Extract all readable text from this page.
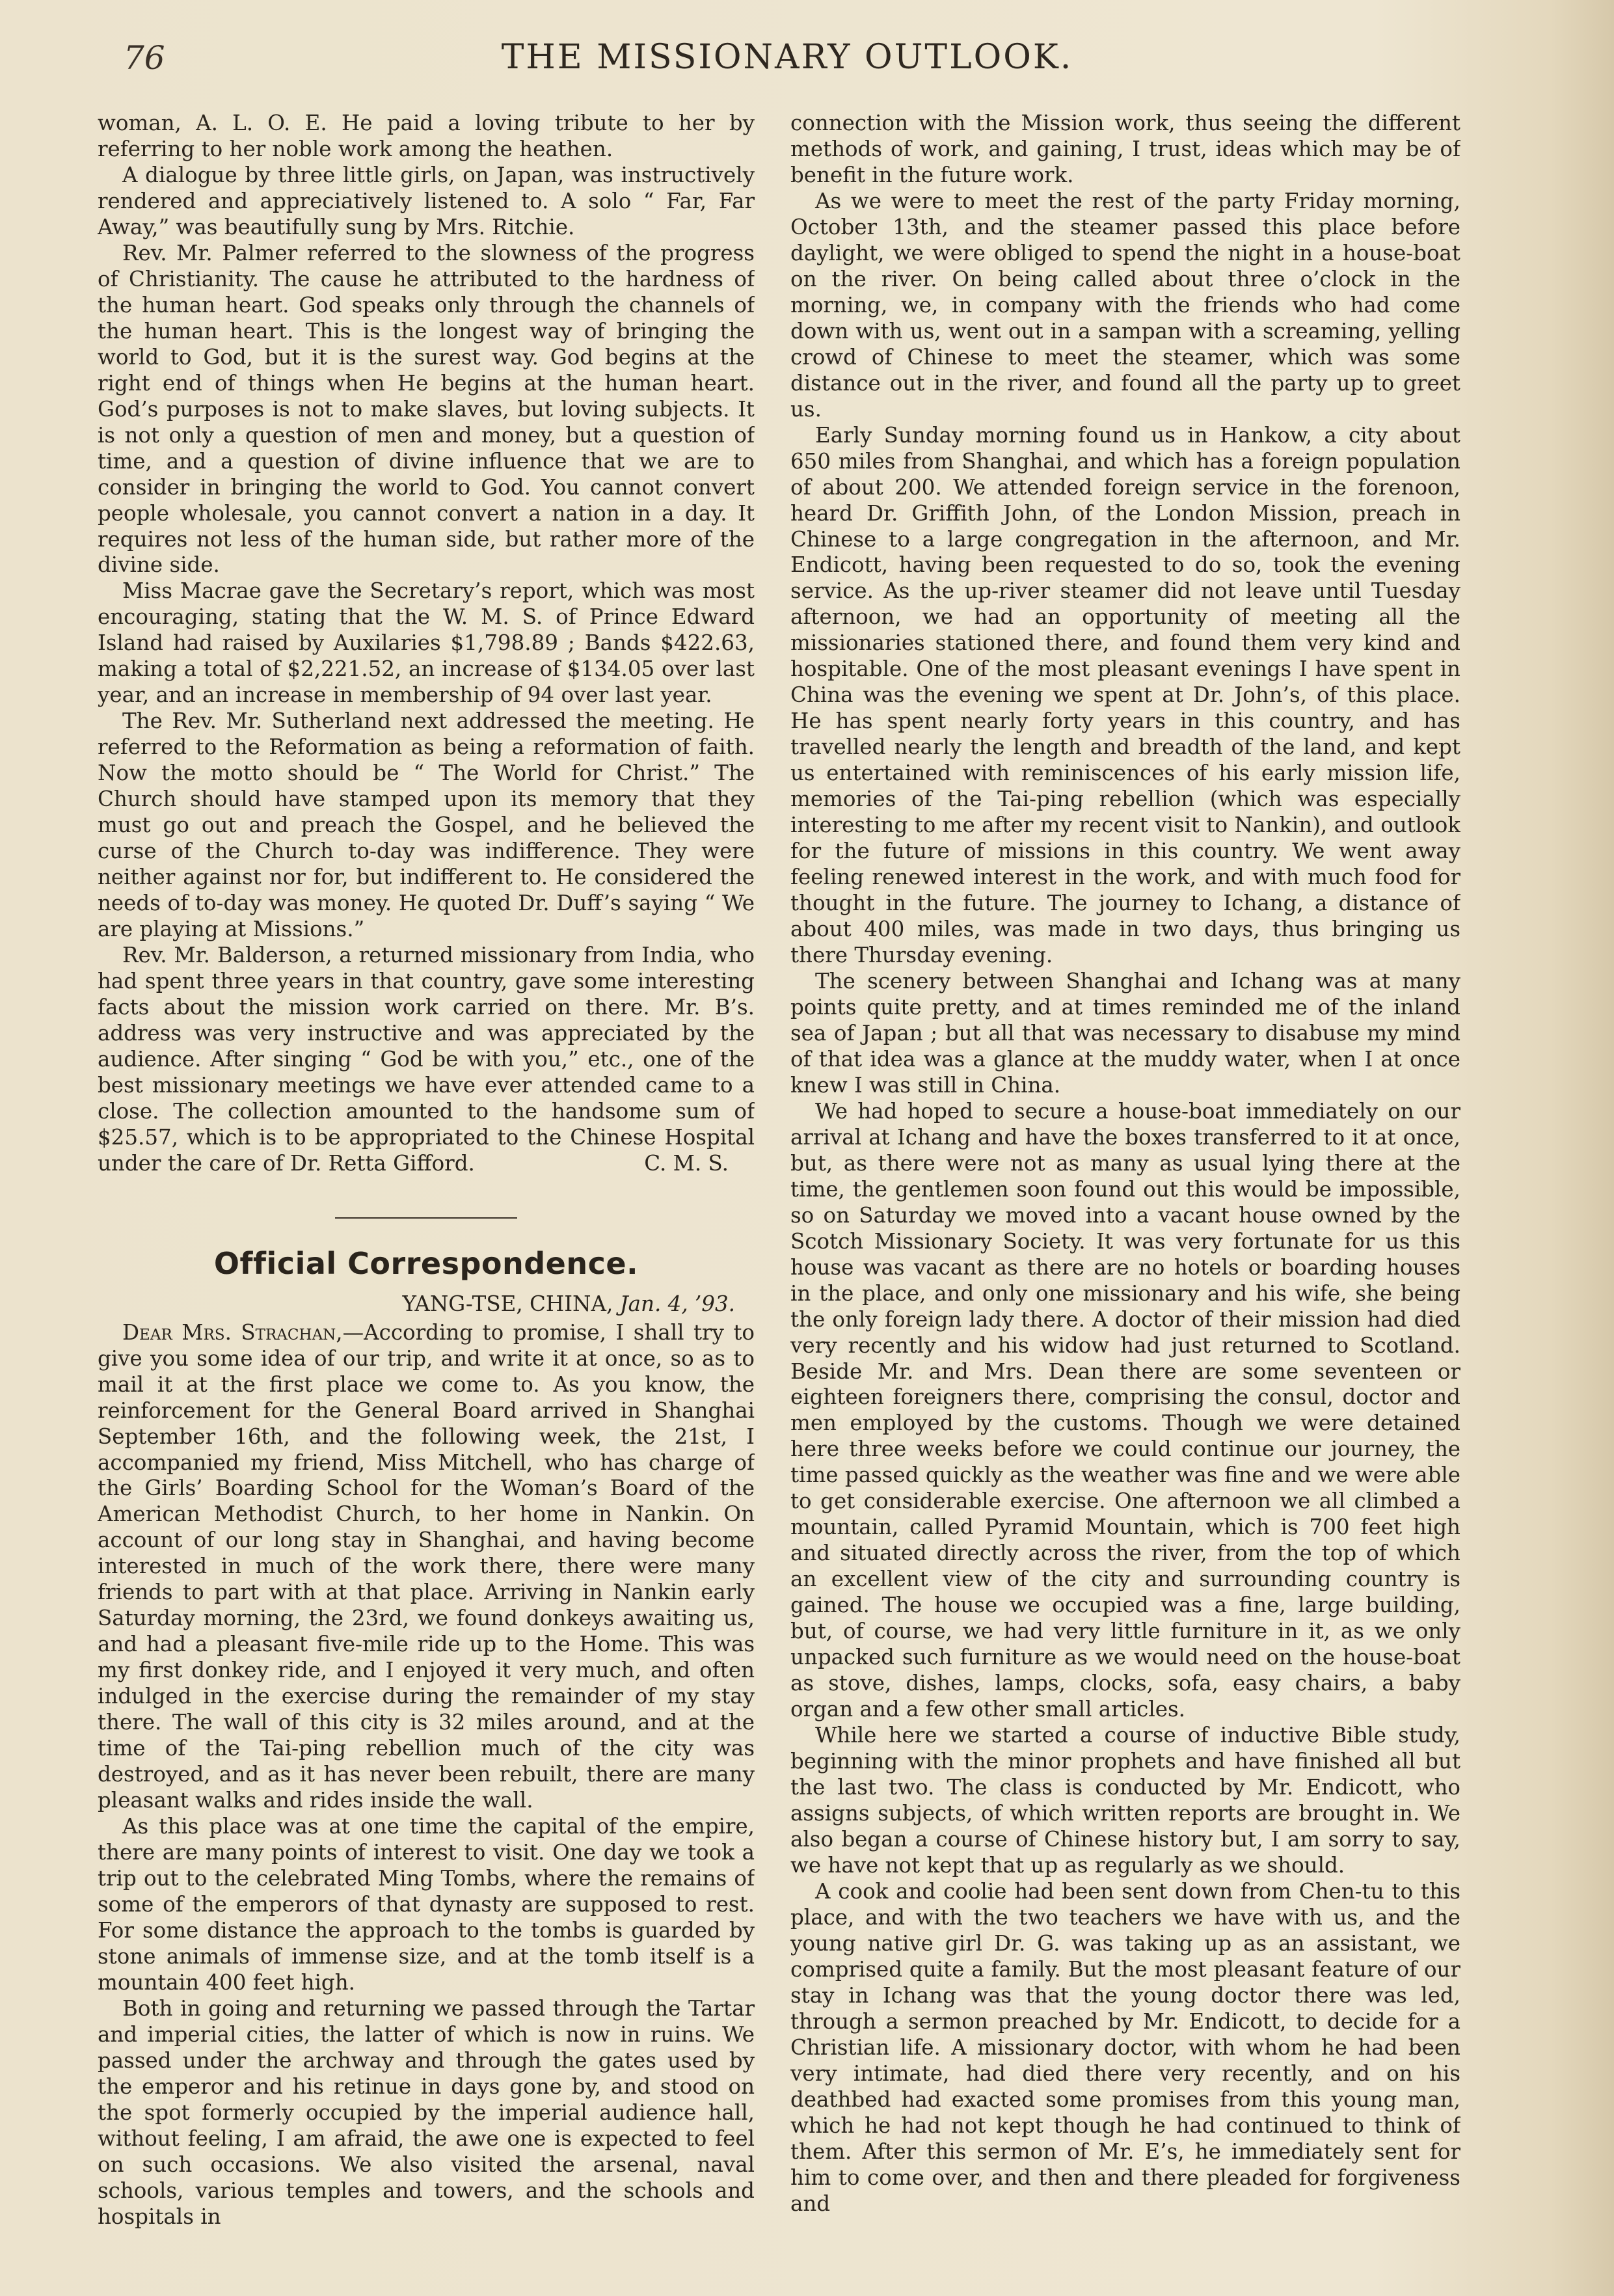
76	THE MISSIONARY OUTLOOK.

woman, A. L. O. E. He paid a loving tribute to her by referring to her noble work among the heathen.

A dialogue by three little girls, on Japan, was instructively rendered and appreciatively listened to. A solo “ Far, Far Away,” was beautifully sung by Mrs. Ritchie.

Rev. Mr. Palmer referred to the slowness of the progress of Christianity. The cause he attributed to the hardness of the human heart. God speaks only through the channels of the human heart. This is the longest way of bringing the world to God, but it is the surest way. God begins at the right end of things when He begins at the human heart. God’s purposes is not to make slaves, but loving subjects. It is not only a question of men and money, but a question of time, and a question of divine influence that we are to consider in bringing the world to God. You cannot convert people wholesale, you cannot convert a nation in a day. It requires not less of the human side, but rather more of the divine side.

Miss Macrae gave the Secretary’s report, which was most encouraging, stating that the W. M. S. of Prince Edward Island had raised by Auxilaries $1,798.89 ; Bands $422.63, making a total of $2,221.52, an increase of $134.05 over last year, and an increase in membership of 94 over last year.

The Rev. Mr. Sutherland next addressed the meeting. He referred to the Reformation as being a reformation of faith. Now the motto should be “ The World for Christ.” The Church should have stamped upon its memory that they must go out and preach the Gospel, and he believed the curse of the Church to-day was indifference. They were neither against nor for, but indifferent to. He considered the needs of to-day was money. He quoted Dr. Duff’s saying “ We are playing at Missions.”

Rev. Mr. Balderson, a returned missionary from India, who had spent three years in that country, gave some interesting facts about the mission work carried on there. Mr. B’s. address was very instructive and was appreciated by the audience. After singing “ God be with you,” etc., one of the best missionary meetings we have ever attended came to a close. The collection amounted to the handsome sum of $25.57, which is to be appropriated to the Chinese Hospital under the care of Dr. Retta Gifford.	C. M. S.

Official Correspondence.
YANG-TSE, CHINA, Jan. 4, ’93.

Dear Mrs. Strachan,—According to promise, I shall try to give you some idea of our trip, and write it at once, so as to mail it at the first place we come to. As you know, the reinforcement for the General Board arrived in Shanghai September 16th, and the following week, the 21st, I accompanied my friend, Miss Mitchell, who has charge of the Girls’ Boarding School for the Woman’s Board of the American Methodist Church, to her home in Nankin. On account of our long stay in Shanghai, and having become interested in much of the work there, there were many friends to part with at that place. Arriving in Nankin early Saturday morning, the 23rd, we found donkeys awaiting us, and had a pleasant five-mile ride up to the Home. This was my first donkey ride, and I enjoyed it very much, and often indulged in the exercise during the remainder of my stay there. The wall of this city is 32 miles around, and at the time of the Tai-ping rebellion much of the city was destroyed, and as it has never been rebuilt, there are many pleasant walks and rides inside the wall.

As this place was at one time the capital of the empire, there are many points of interest to visit. One day we took a trip out to the celebrated Ming Tombs, where the remains of some of the emperors of that dynasty are supposed to rest. For some distance the approach to the tombs is guarded by stone animals of immense size, and at the tomb itself is a mountain 400 feet high.

Both in going and returning we passed through the Tartar and imperial cities, the latter of which is now in ruins. We passed under the archway and through the gates used by the emperor and his retinue in days gone by, and stood on the spot formerly occupied by the imperial audience hall, without feeling, I am afraid, the awe one is expected to feel on such occasions. We also visited the arsenal, naval schools, various temples and towers, and the schools and hospitals in

connection with the Mission work, thus seeing the different methods of work, and gaining, I trust, ideas which may be of benefit in the future work.

As we were to meet the rest of the party Friday morning, October 13th, and the steamer passed this place before daylight, we were obliged to spend the night in a house-boat on the river. On being called about three o’clock in the morning, we, in company with the friends who had come down with us, went out in a sampan with a screaming, yelling crowd of Chinese to meet the steamer, which was some distance out in the river, and found all the party up to greet us.

Early Sunday morning found us in Hankow, a city about 650 miles from Shanghai, and which has a foreign population of about 200. We attended foreign service in the forenoon, heard Dr. Griffith John, of the London Mission, preach in Chinese to a large congregation in the afternoon, and Mr. Endicott, having been requested to do so, took the evening service. As the up-river steamer did not leave until Tuesday afternoon, we had an opportunity of meeting all the missionaries stationed there, and found them very kind and hospitable. One of the most pleasant evenings I have spent in China was the evening we spent at Dr. John’s, of this place. He has spent nearly forty years in this country, and has travelled nearly the length and breadth of the land, and kept us entertained with reminiscences of his early mission life, memories of the Tai-ping rebellion (which was especially interesting to me after my recent visit to Nankin), and outlook for the future of missions in this country. We went away feeling renewed interest in the work, and with much food for thought in the future. The journey to Ichang, a distance of about 400 miles, was made in two days, thus bringing us there Thursday evening.

The scenery between Shanghai and Ichang was at many points quite pretty, and at times reminded me of the inland sea of Japan ; but all that was necessary to disabuse my mind of that idea was a glance at the muddy water, when I at once knew I was still in China.

We had hoped to secure a house-boat immediately on our arrival at Ichang and have the boxes transferred to it at once, but, as there were not as many as usual lying there at the time, the gentlemen soon found out this would be impossible, so on Saturday we moved into a vacant house owned by the Scotch Missionary Society. It was very fortunate for us this house was vacant as there are no hotels or boarding houses in the place, and only one missionary and his wife, she being the only foreign lady there. A doctor of their mission had died very recently and his widow had just returned to Scotland. Beside Mr. and Mrs. Dean there are some seventeen or eighteen foreigners there, comprising the consul, doctor and men employed by the customs. Though we were detained here three weeks before we could continue our journey, the time passed quickly as the weather was fine and we were able to get considerable exercise. One afternoon we all climbed a mountain, called Pyramid Mountain, which is 700 feet high and situated directly across the river, from the top of which an excellent view of the city and surrounding country is gained. The house we occupied was a fine, large building, but, of course, we had very little furniture in it, as we only unpacked such furniture as we would need on the house-boat as stove, dishes, lamps, clocks, sofa, easy chairs, a baby organ and a few other small articles.

While here we started a course of inductive Bible study, beginning with the minor prophets and have finished all but the last two. The class is conducted by Mr. Endicott, who assigns subjects, of which written reports are brought in. We also began a course of Chinese history but, I am sorry to say, we have not kept that up as regularly as we should.

A cook and coolie had been sent down from Chen-tu to this place, and with the two teachers we have with us, and the young native girl Dr. G. was taking up as an assistant, we comprised quite a family. But the most pleasant feature of our stay in Ichang was that the young doctor there was led, through a sermon preached by Mr. Endicott, to decide for a Christian life. A missionary doctor, with whom he had been very intimate, had died there very recently, and on his deathbed had exacted some promises from this young man, which he had not kept though he had continued to think of them. After this sermon of Mr. E’s, he immediately sent for him to come over, and then and there pleaded for forgiveness and
